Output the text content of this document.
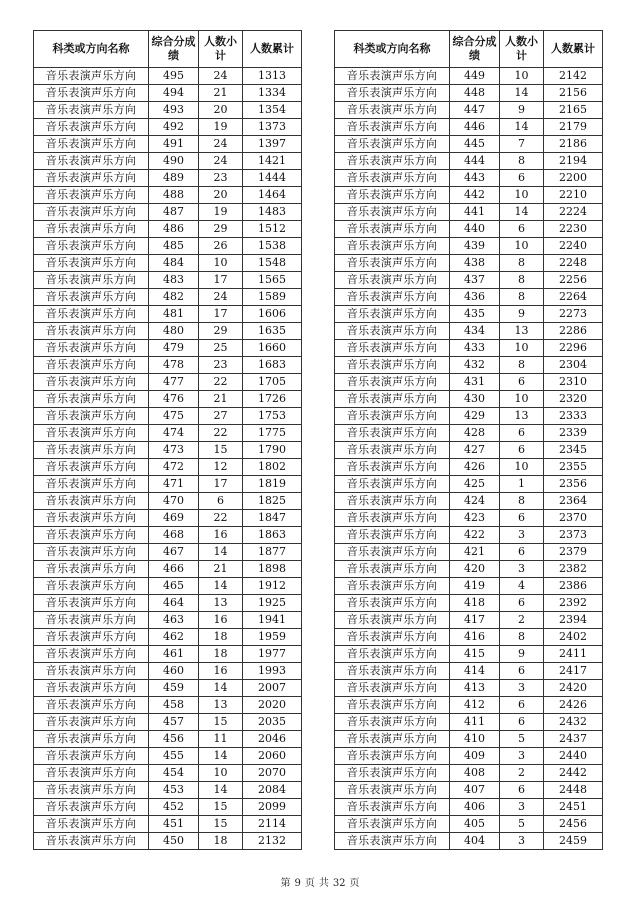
科类或方向名称	综合分成绩	人数小计	人数累计
音乐表演声乐方向	495	24	1313
音乐表演声乐方向	494	21	1334
音乐表演声乐方向	493	20	1354
音乐表演声乐方向	492	19	1373
音乐表演声乐方向	491	24	1397
音乐表演声乐方向	490	24	1421
音乐表演声乐方向	489	23	1444
音乐表演声乐方向	488	20	1464
音乐表演声乐方向	487	19	1483
音乐表演声乐方向	486	29	1512
音乐表演声乐方向	485	26	1538
音乐表演声乐方向	484	10	1548
音乐表演声乐方向	483	17	1565
音乐表演声乐方向	482	24	1589
音乐表演声乐方向	481	17	1606
音乐表演声乐方向	480	29	1635
音乐表演声乐方向	479	25	1660
音乐表演声乐方向	478	23	1683
音乐表演声乐方向	477	22	1705
音乐表演声乐方向	476	21	1726
音乐表演声乐方向	475	27	1753
音乐表演声乐方向	474	22	1775
音乐表演声乐方向	473	15	1790
音乐表演声乐方向	472	12	1802
音乐表演声乐方向	471	17	1819
音乐表演声乐方向	470	6	1825
音乐表演声乐方向	469	22	1847
音乐表演声乐方向	468	16	1863
音乐表演声乐方向	467	14	1877
音乐表演声乐方向	466	21	1898
音乐表演声乐方向	465	14	1912
音乐表演声乐方向	464	13	1925
音乐表演声乐方向	463	16	1941
音乐表演声乐方向	462	18	1959
音乐表演声乐方向	461	18	1977
音乐表演声乐方向	460	16	1993
音乐表演声乐方向	459	14	2007
音乐表演声乐方向	458	13	2020
音乐表演声乐方向	457	15	2035
音乐表演声乐方向	456	11	2046
音乐表演声乐方向	455	14	2060
音乐表演声乐方向	454	10	2070
音乐表演声乐方向	453	14	2084
音乐表演声乐方向	452	15	2099
音乐表演声乐方向	451	15	2114
音乐表演声乐方向	450	18	2132
科类或方向名称	综合分成绩	人数小计	人数累计
音乐表演声乐方向	449	10	2142
音乐表演声乐方向	448	14	2156
音乐表演声乐方向	447	9	2165
音乐表演声乐方向	446	14	2179
音乐表演声乐方向	445	7	2186
音乐表演声乐方向	444	8	2194
音乐表演声乐方向	443	6	2200
音乐表演声乐方向	442	10	2210
音乐表演声乐方向	441	14	2224
音乐表演声乐方向	440	6	2230
音乐表演声乐方向	439	10	2240
音乐表演声乐方向	438	8	2248
音乐表演声乐方向	437	8	2256
音乐表演声乐方向	436	8	2264
音乐表演声乐方向	435	9	2273
音乐表演声乐方向	434	13	2286
音乐表演声乐方向	433	10	2296
音乐表演声乐方向	432	8	2304
音乐表演声乐方向	431	6	2310
音乐表演声乐方向	430	10	2320
音乐表演声乐方向	429	13	2333
音乐表演声乐方向	428	6	2339
音乐表演声乐方向	427	6	2345
音乐表演声乐方向	426	10	2355
音乐表演声乐方向	425	1	2356
音乐表演声乐方向	424	8	2364
音乐表演声乐方向	423	6	2370
音乐表演声乐方向	422	3	2373
音乐表演声乐方向	421	6	2379
音乐表演声乐方向	420	3	2382
音乐表演声乐方向	419	4	2386
音乐表演声乐方向	418	6	2392
音乐表演声乐方向	417	2	2394
音乐表演声乐方向	416	8	2402
音乐表演声乐方向	415	9	2411
音乐表演声乐方向	414	6	2417
音乐表演声乐方向	413	3	2420
音乐表演声乐方向	412	6	2426
音乐表演声乐方向	411	6	2432
音乐表演声乐方向	410	5	2437
音乐表演声乐方向	409	3	2440
音乐表演声乐方向	408	2	2442
音乐表演声乐方向	407	6	2448
音乐表演声乐方向	406	3	2451
音乐表演声乐方向	405	5	2456
音乐表演声乐方向	404	3	2459
第 9 页 共 32 页
